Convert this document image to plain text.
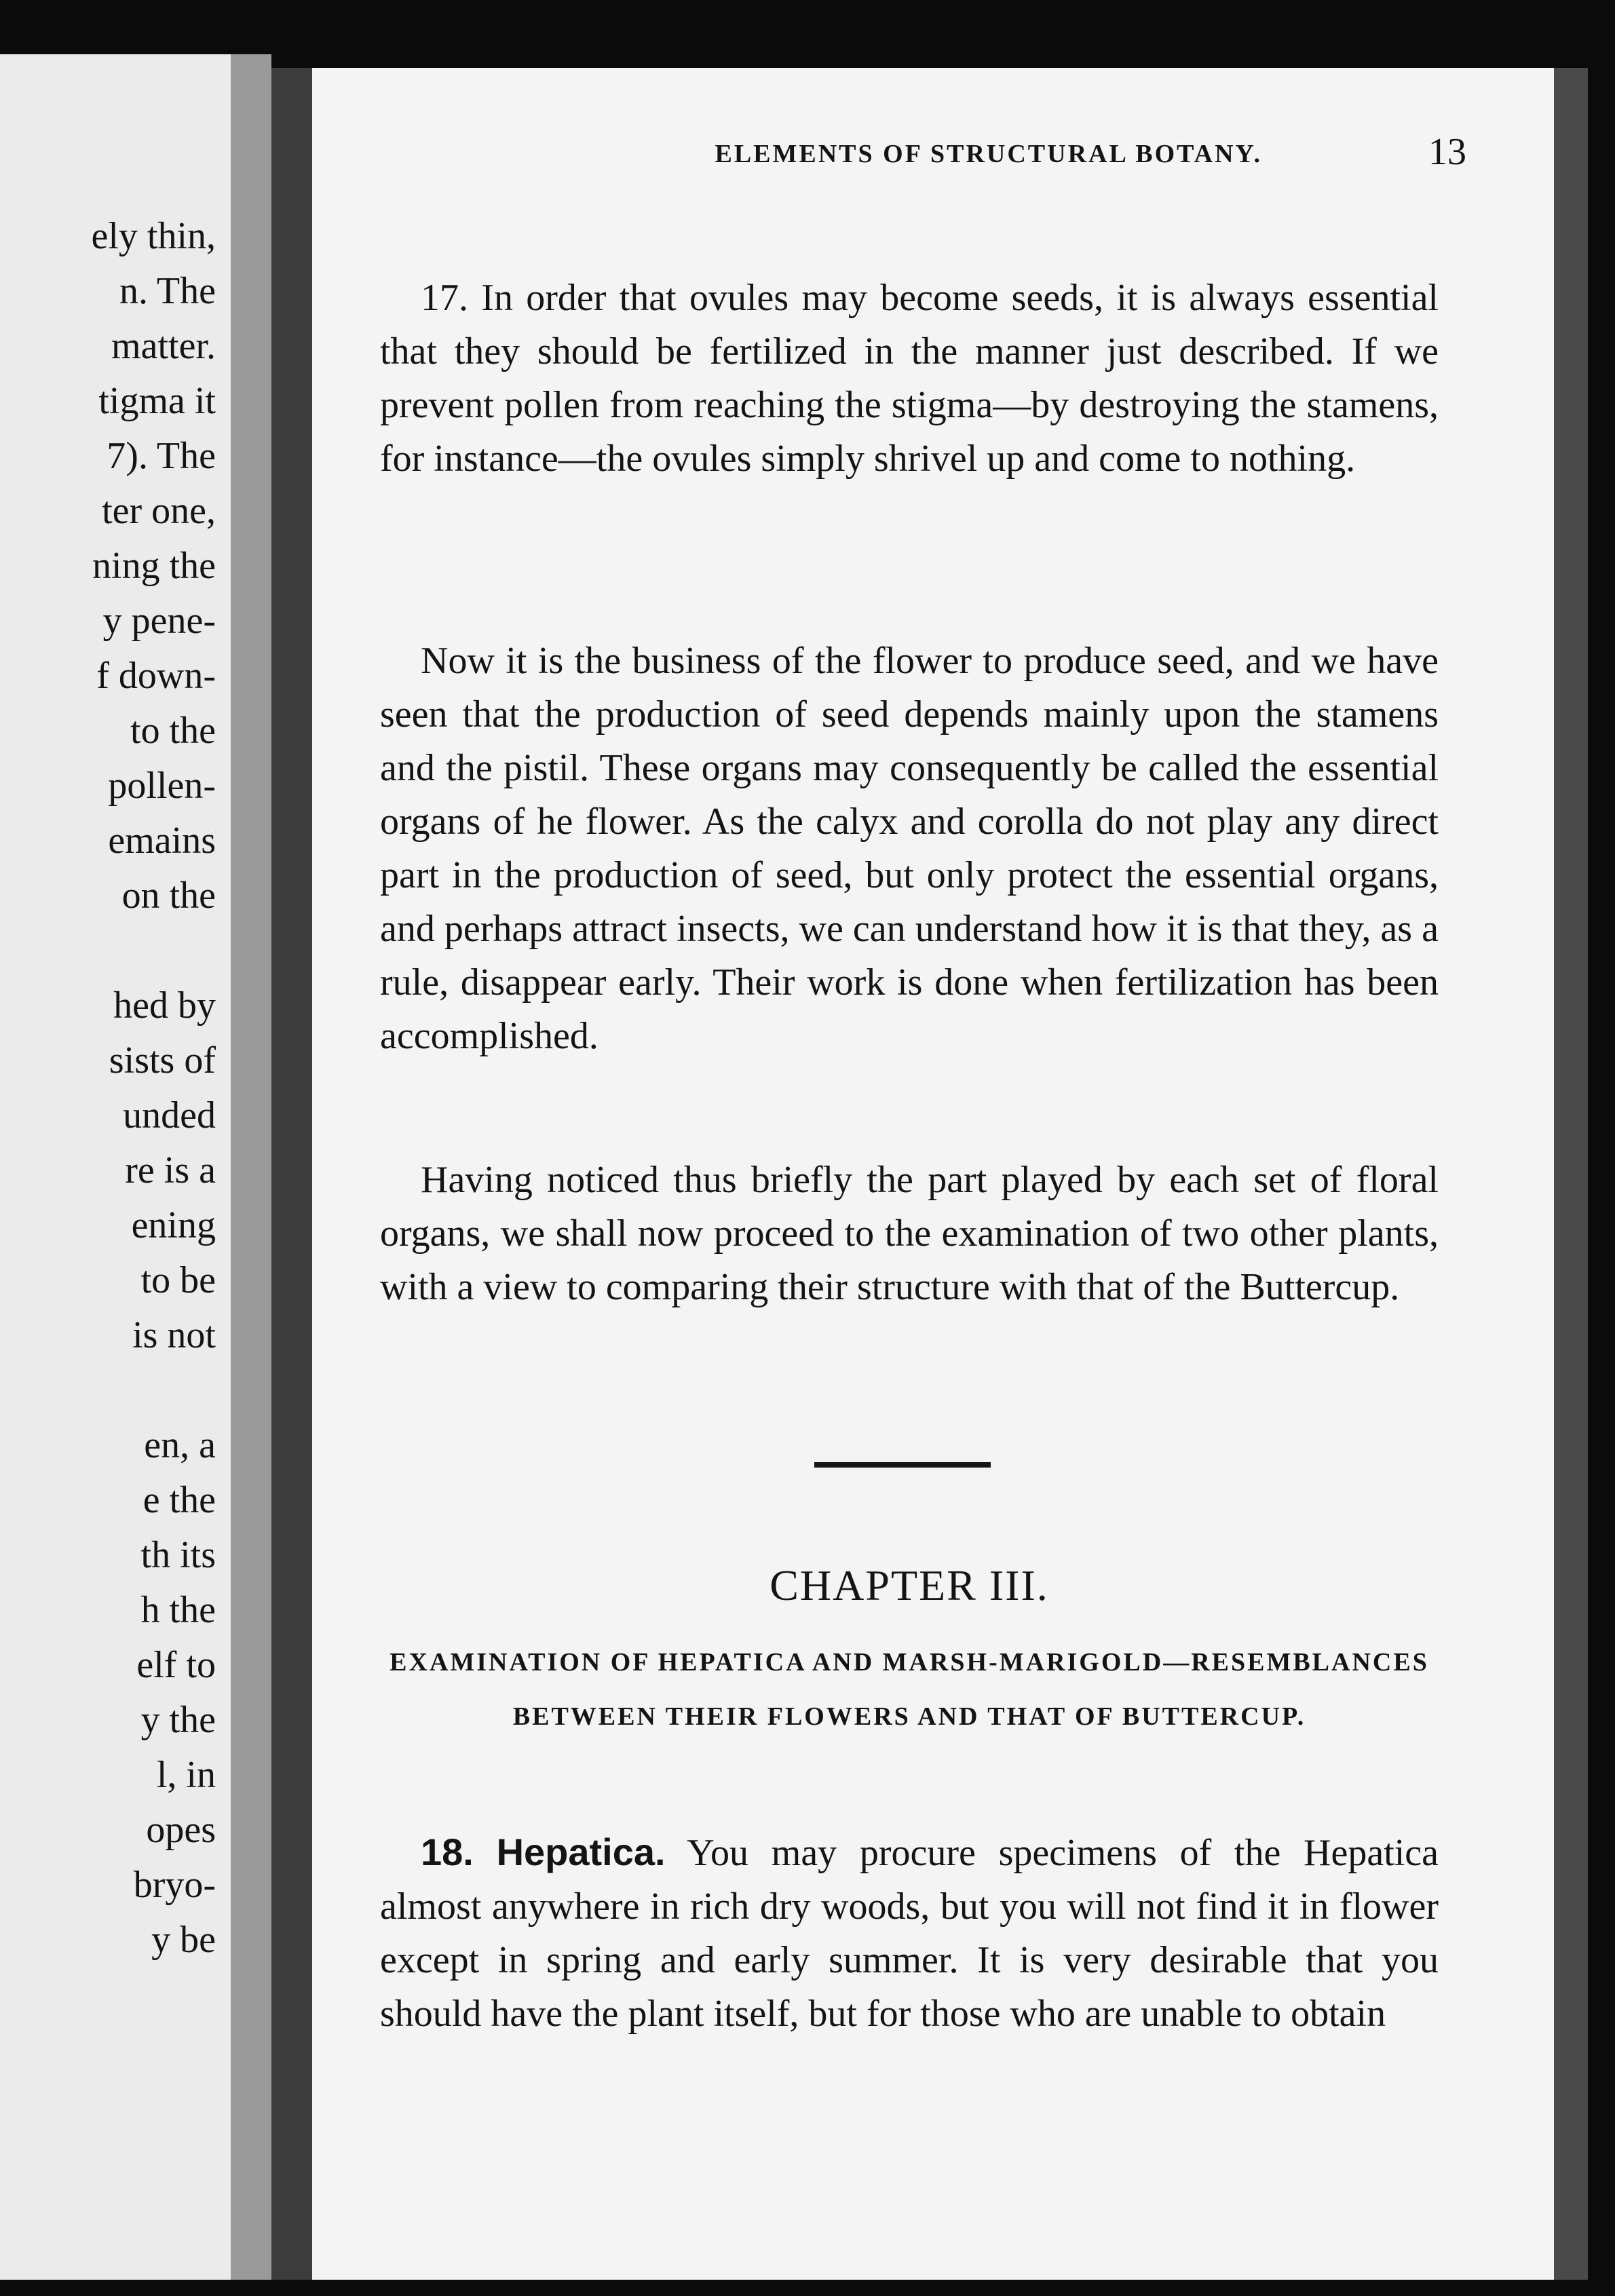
ely thin,
n. The
matter.
tigma it
7). The
ter one,
ning the
y pene-
f down-
to the
pollen-
emains
on the
hed by
sists of
unded
re is a
ening
to be
is not
en, a
e the
th its
h the
elf to
y the
l, in
opes
bryo-
y be
17. In order that ovules may become seeds, it is always essential that they should be fertilized in the manner just described. If we prevent pollen from reaching the stigma—by destroying the stamens, for instance—the ovules simply shrivel up and come to nothing.
Now it is the business of the flower to produce seed, and we have seen that the production of seed depends mainly upon the stamens and the pistil. These organs may consequently be called the essential organs of he flower. As the calyx and corolla do not play any direct part in the production of seed, but only protect the essential organs, and perhaps attract insects, we can understand how it is that they, as a rule, disappear early. Their work is done when fertilization has been accomplished.
Having noticed thus briefly the part played by each set of floral organs, we shall now proceed to the examination of two other plants, with a view to comparing their structure with that of the Buttercup.
CHAPTER III.
EXAMINATION OF HEPATICA AND MARSH-MARIGOLD—RESEMBLANCES BETWEEN THEIR FLOWERS AND THAT OF BUTTERCUP.
18. Hepatica. You may procure specimens of the Hepatica almost anywhere in rich dry woods, but you will not find it in flower except in spring and early summer. It is very desirable that you should have the plant itself, but for those who are unable to obtain
ELEMENTS OF STRUCTURAL BOTANY.	13
